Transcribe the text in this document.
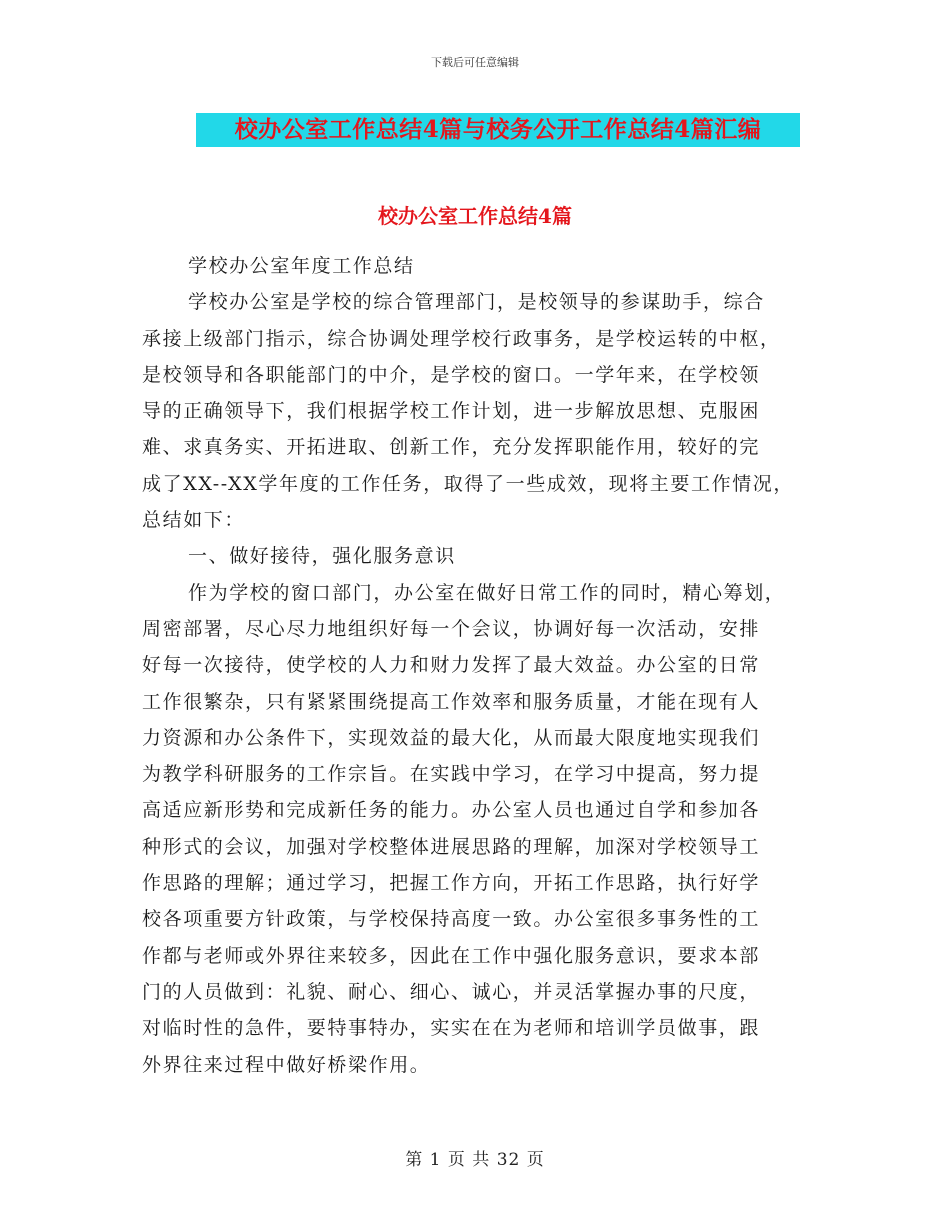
下载后可任意编辑
校办公室工作总结4篇与校务公开工作总结4篇汇编
校办公室工作总结4篇
学校办公室年度工作总结
学校办公室是学校的综合管理部门，是校领导的参谋助手，综合
承接上级部门指示，综合协调处理学校行政事务，是学校运转的中枢，
是校领导和各职能部门的中介，是学校的窗口。一学年来，在学校领
导的正确领导下，我们根据学校工作计划，进一步解放思想、克服困
难、求真务实、开拓进取、创新工作，充分发挥职能作用，较好的完
成了XX--XX学年度的工作任务，取得了一些成效，现将主要工作情况，
总结如下：
一、做好接待，强化服务意识
作为学校的窗口部门，办公室在做好日常工作的同时，精心筹划，
周密部署，尽心尽力地组织好每一个会议，协调好每一次活动，安排
好每一次接待，使学校的人力和财力发挥了最大效益。办公室的日常
工作很繁杂，只有紧紧围绕提高工作效率和服务质量，才能在现有人
力资源和办公条件下，实现效益的最大化，从而最大限度地实现我们
为教学科研服务的工作宗旨。在实践中学习，在学习中提高，努力提
高适应新形势和完成新任务的能力。办公室人员也通过自学和参加各
种形式的会议，加强对学校整体进展思路的理解，加深对学校领导工
作思路的理解；通过学习，把握工作方向，开拓工作思路，执行好学
校各项重要方针政策，与学校保持高度一致。办公室很多事务性的工
作都与老师或外界往来较多，因此在工作中强化服务意识，要求本部
门的人员做到：礼貌、耐心、细心、诚心，并灵活掌握办事的尺度，
对临时性的急件，要特事特办，实实在在为老师和培训学员做事，跟
外界往来过程中做好桥梁作用。
第 1 页 共 32 页
